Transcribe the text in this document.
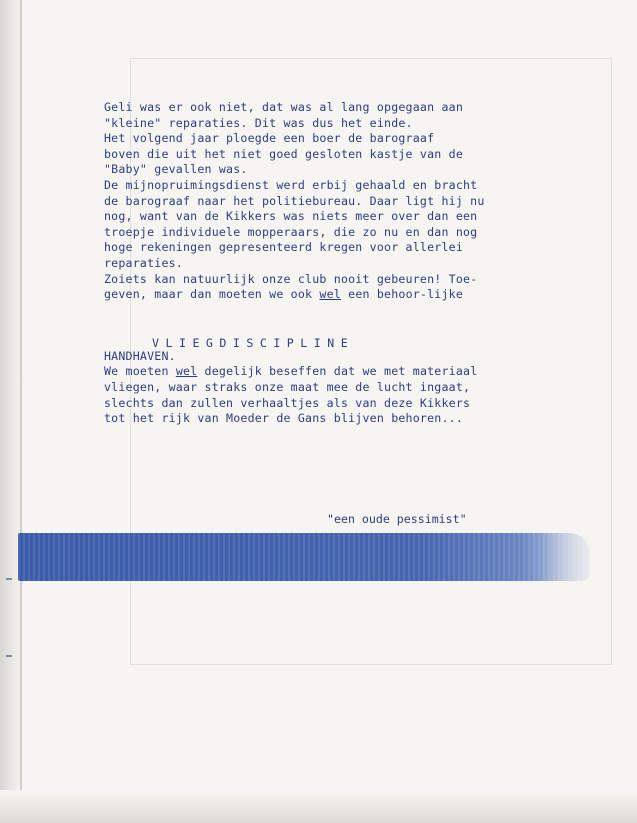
Geli was er ook niet, dat was al lang opgegaan aan
"kleine" reparaties. Dit was dus het einde.
Het volgend jaar ploegde een boer de barograaf
boven die uit het niet goed gesloten kastje van de
"Baby" gevallen was.
De mijnopruimingsdienst werd erbij gehaald en bracht
de barograaf naar het politiebureau. Daar ligt hij nu
nog, want van de Kikkers was niets meer over dan een
troepje individuele mopperaars, die zo nu en dan nog
hoge rekeningen gepresenteerd kregen voor allerlei
reparaties.
Zoiets kan natuurlijk onze club nooit gebeuren! Toe-
geven, maar dan moeten we ook wel een behoor-lijke
HANDHAVEN.
We moeten wel degelijk beseffen dat we met materiaal
vliegen, waar straks onze maat mee de lucht ingaat,
slechts dan zullen verhaaltjes als van deze Kikkers
tot het rijk van Moeder de Gans blijven behoren...
VLIEGDISCIPLINE
"een oude pessimist"
